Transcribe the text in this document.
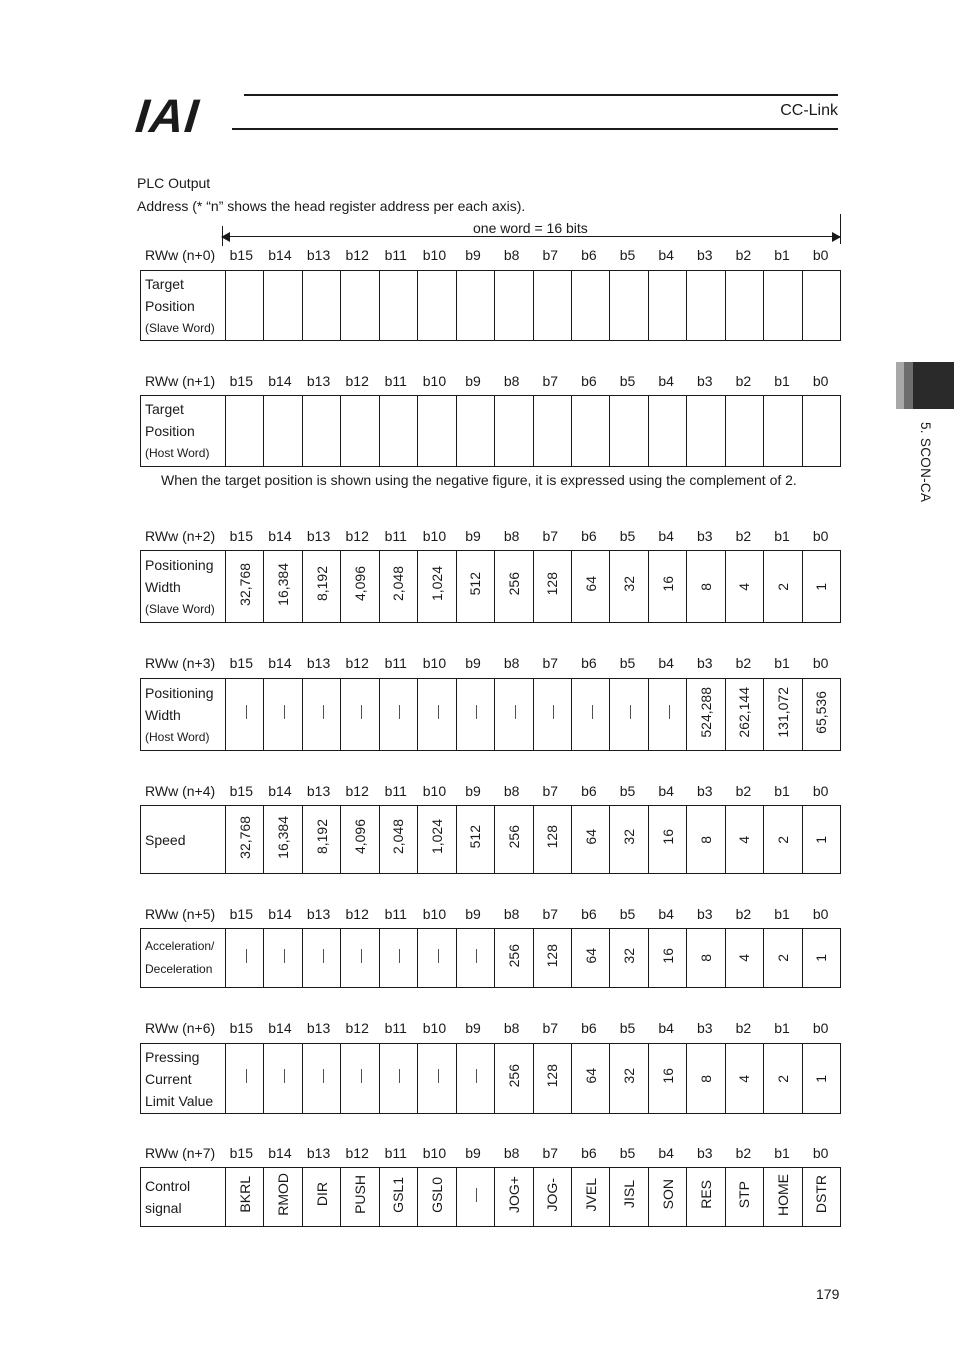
IAI	CC-Link
5. SCON-CA
PLC Output
Address (* “n” shows the head register address per each axis).
one word = 16 bits
RWw (n+0)	b15	b14	b13	b12	b11	b10	b9	b8	b7	b6	b5	b4	b3	b2	b1	b0
Target
Position
(Slave Word)

RWw (n+1)	b15	b14	b13	b12	b11	b10	b9	b8	b7	b6	b5	b4	b3	b2	b1	b0
Target
Position
(Host Word)

RWw (n+2)	b15	b14	b13	b12	b11	b10	b9	b8	b7	b6	b5	b4	b3	b2	b1	b0
Positioning
Width
(Slave Word)
	32,768	16,384	8,192	4,096	2,048	1,024	512	256	128	64	32	16	8	4	2	1
RWw (n+3)	b15	b14	b13	b12	b11	b10	b9	b8	b7	b6	b5	b4	b3	b2	b1	b0
Positioning
Width
(Host Word)
	—	—	—	—	—	—	—	—	—	—	—	—	524,288	262,144	131,072	65,536
RWw (n+4)	b15	b14	b13	b12	b11	b10	b9	b8	b7	b6	b5	b4	b3	b2	b1	b0
Speed	32,768	16,384	8,192	4,096	2,048	1,024	512	256	128	64	32	16	8	4	2	1
RWw (n+5)	b15	b14	b13	b12	b11	b10	b9	b8	b7	b6	b5	b4	b3	b2	b1	b0
Acceleration/
Deceleration
	—	—	—	—	—	—	—	256	128	64	32	16	8	4	2	1
RWw (n+6)	b15	b14	b13	b12	b11	b10	b9	b8	b7	b6	b5	b4	b3	b2	b1	b0
Pressing
Current
Limit Value
	—	—	—	—	—	—	—	256	128	64	32	16	8	4	2	1
RWw (n+7)	b15	b14	b13	b12	b11	b10	b9	b8	b7	b6	b5	b4	b3	b2	b1	b0
Control
signal	BKRL	RMOD	DIR	PUSH	GSL1	GSL0	—	JOG+	JOG-	JVEL	JISL	SON	RES	STP	HOME	DSTR
When the target position is shown using the negative figure, it is expressed using the complement of 2.
179
